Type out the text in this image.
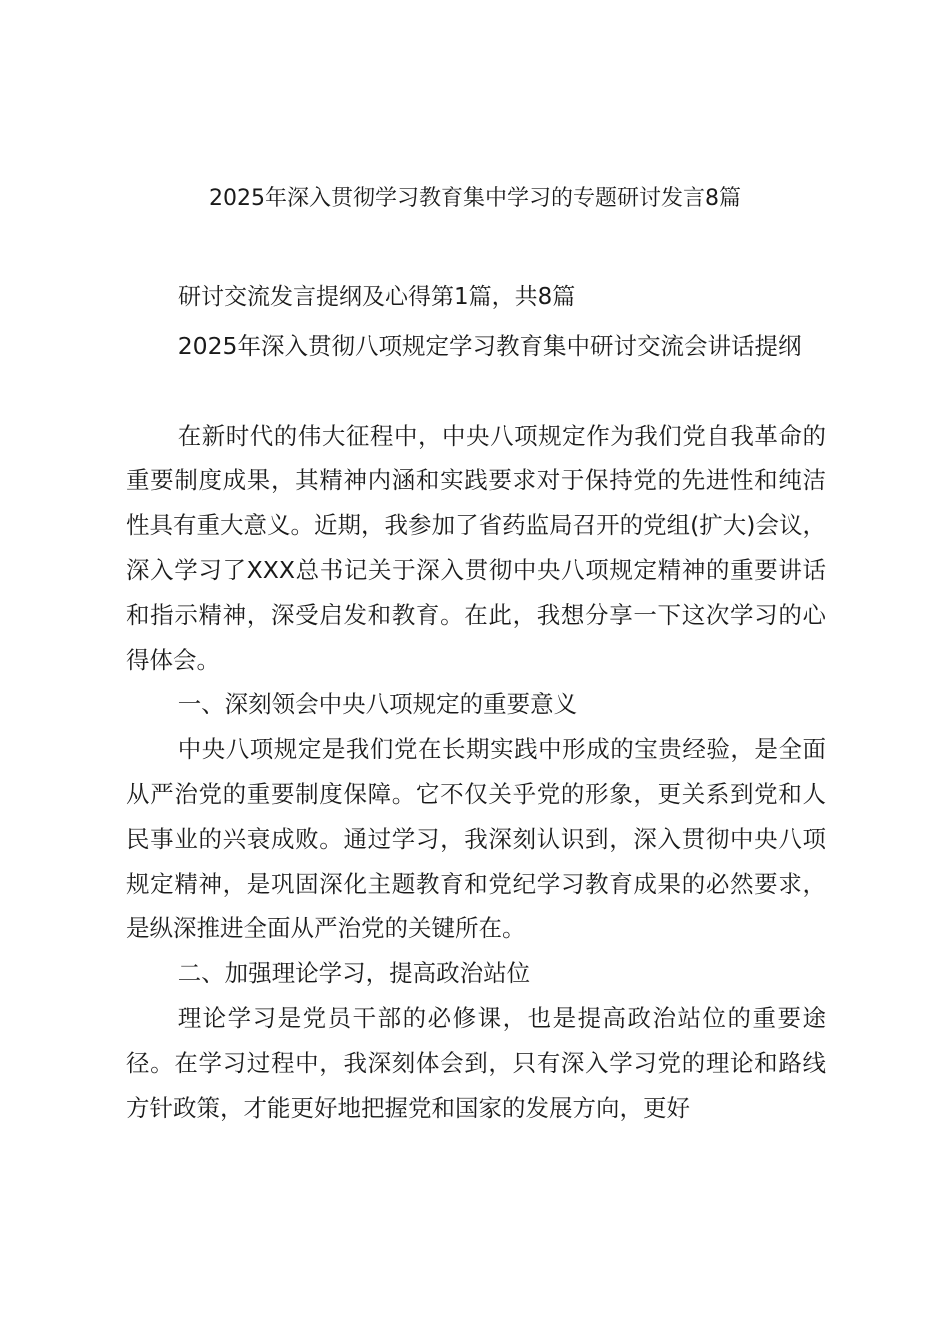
2025年深入贯彻学习教育集中学习的专题研讨发言8篇
研讨交流发言提纲及心得第1篇，共8篇

2025年深入贯彻八项规定学习教育集中研讨交流会讲话提纲

在新时代的伟大征程中，中央八项规定作为我们党自我革命的重要制度成果，其精神内涵和实践要求对于保持党的先进性和纯洁性具有重大意义。近期，我参加了省药监局召开的党组(扩大)会议，深入学习了XXX总书记关于深入贯彻中央八项规定精神的重要讲话和指示精神，深受启发和教育。在此，我想分享一下这次学习的心得体会。

一、深刻领会中央八项规定的重要意义

中央八项规定是我们党在长期实践中形成的宝贵经验，是全面从严治党的重要制度保障。它不仅关乎党的形象，更关系到党和人民事业的兴衰成败。通过学习，我深刻认识到，深入贯彻中央八项规定精神，是巩固深化主题教育和党纪学习教育成果的必然要求，是纵深推进全面从严治党的关键所在。

二、加强理论学习，提高政治站位

理论学习是党员干部的必修课，也是提高政治站位的重要途径。在学习过程中，我深刻体会到，只有深入学习党的理论和路线方针政策，才能更好地把握党和国家的发展方向，更好
